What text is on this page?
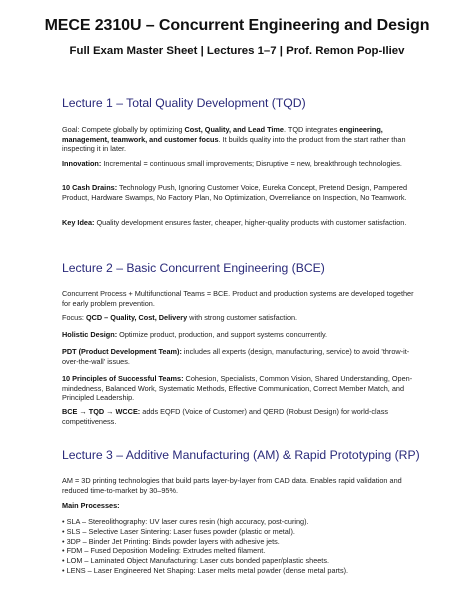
MECE 2310U – Concurrent Engineering and Design

Full Exam Master Sheet | Lectures 1–7 | Prof. Remon Pop-Iliev

Lecture 1 – Total Quality Development (TQD)

Goal: Compete globally by optimizing Cost, Quality, and Lead Time. TQD integrates engineering, management, teamwork, and customer focus. It builds quality into the product from the start rather than inspecting it in later.

Innovation: Incremental = continuous small improvements; Disruptive = new, breakthrough technologies.

10 Cash Drains: Technology Push, Ignoring Customer Voice, Eureka Concept, Pretend Design, Pampered Product, Hardware Swamps, No Factory Plan, No Optimization, Overreliance on Inspection, No Teamwork.

Key Idea: Quality development ensures faster, cheaper, higher-quality products with customer satisfaction.

Lecture 2 – Basic Concurrent Engineering (BCE)

Concurrent Process + Multifunctional Teams = BCE. Product and production systems are developed together for early problem prevention.

Focus: QCD – Quality, Cost, Delivery with strong customer satisfaction.

Holistic Design: Optimize product, production, and support systems concurrently.

PDT (Product Development Team): includes all experts (design, manufacturing, service) to avoid 'throw-it-over-the-wall' issues.

10 Principles of Successful Teams: Cohesion, Specialists, Common Vision, Shared Understanding, Open-mindedness, Balanced Work, Systematic Methods, Effective Communication, Correct Member Match, and Principled Leadership.

BCE → TQD → WCCE: adds EQFD (Voice of Customer) and QERD (Robust Design) for world-class competitiveness.

Lecture 3 – Additive Manufacturing (AM) & Rapid Prototyping (RP)

AM = 3D printing technologies that build parts layer-by-layer from CAD data. Enables rapid validation and reduced time-to-market by 30–95%.

Main Processes:

• SLA – Stereolithography: UV laser cures resin (high accuracy, post-curing).
• SLS – Selective Laser Sintering: Laser fuses powder (plastic or metal).
• 3DP – Binder Jet Printing: Binds powder layers with adhesive jets.
• FDM – Fused Deposition Modeling: Extrudes melted filament.
• LOM – Laminated Object Manufacturing: Laser cuts bonded paper/plastic sheets.
• LENS – Laser Engineered Net Shaping: Laser melts metal powder (dense metal parts).
